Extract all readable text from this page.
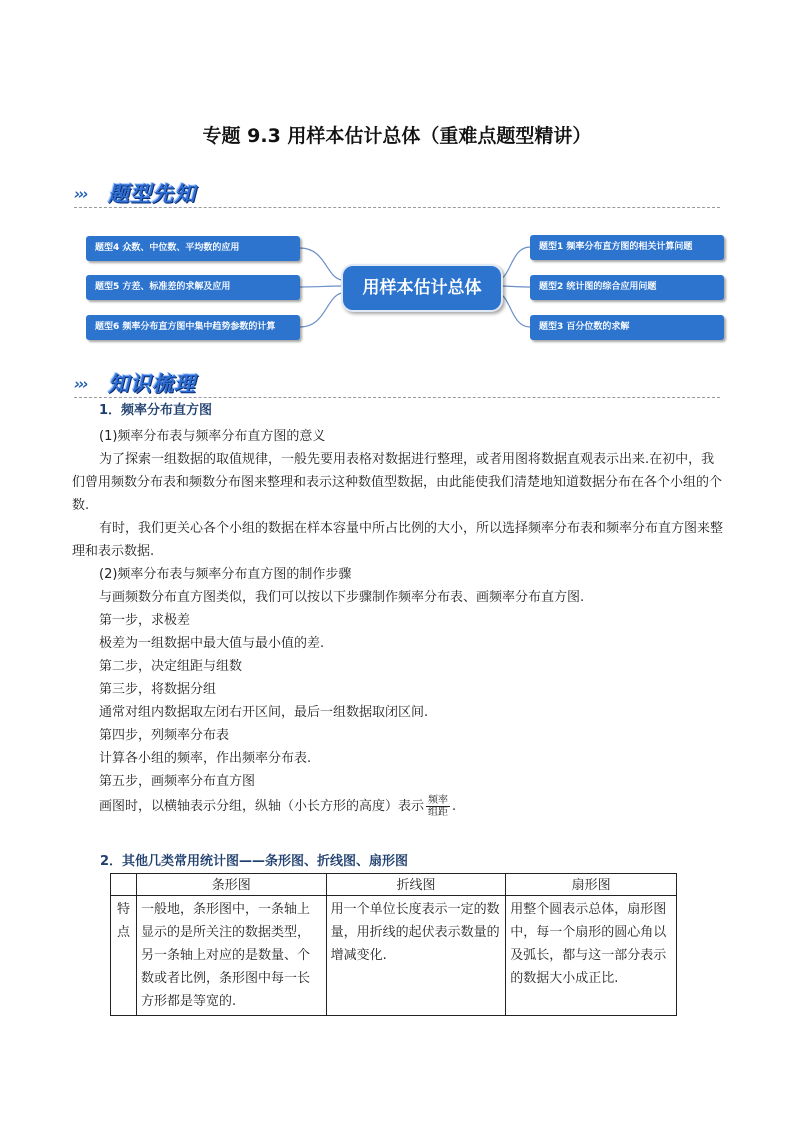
专题 9.3 用样本估计总体（重难点题型精讲）
››› 题型先知
题型4 众数、中位数、平均数的应用
题型5 方差、标准差的求解及应用
题型6 频率分布直方图中集中趋势参数的计算
用样本估计总体
题型1 频率分布直方图的相关计算问题
题型2 统计图的综合应用问题
题型3 百分位数的求解
››› 知识梳理
1．频率分布直方图
(1)频率分布表与频率分布直方图的意义
为了探索一组数据的取值规律，一般先要用表格对数据进行整理，或者用图将数据直观表示出来.在初中，我们曾用频数分布表和频数分布图来整理和表示这种数值型数据，由此能使我们清楚地知道数据分布在各个小组的个数.
有时，我们更关心各个小组的数据在样本容量中所占比例的大小，所以选择频率分布表和频率分布直方图来整理和表示数据.
(2)频率分布表与频率分布直方图的制作步骤
与画频数分布直方图类似，我们可以按以下步骤制作频率分布表、画频率分布直方图.
第一步，求极差
极差为一组数据中最大值与最小值的差.
第二步，决定组距与组数
第三步，将数据分组
通常对组内数据取左闭右开区间，最后一组数据取闭区间.
第四步，列频率分布表
计算各小组的频率，作出频率分布表.
第五步，画频率分布直方图
画图时，以横轴表示分组，纵轴（小长方形的高度）表示 $\frac{\text{频率}}{\text{组距}}$ .
2．其他几类常用统计图——条形图、折线图、扇形图
	条形图	折线图	扇形图
特点	一般地，条形图中，一条轴上显示的是所关注的数据类型，另一条轴上对应的是数量、个数或者比例，条形图中每一长方形都是等宽的.	用一个单位长度表示一定的数量，用折线的起伏表示数量的增减变化.	用整个圆表示总体，扇形图中，每一个扇形的圆心角以及弧长，都与这一部分表示的数据大小成正比.
